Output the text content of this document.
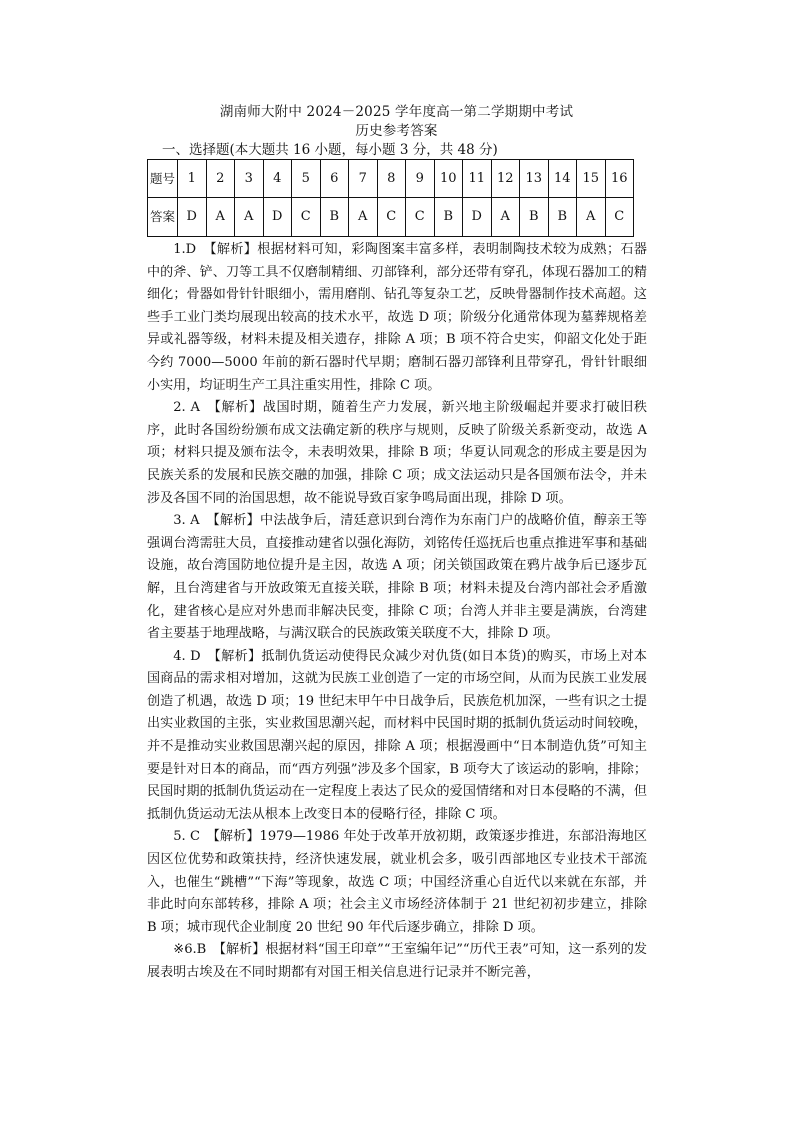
湖南师大附中 2024－2025 学年度高一第二学期期中考试
历史参考答案
一、选择题(本大题共 16 小题，每小题 3 分，共 48 分)
题号	1	2	3	4	5	6	7	8	9	10	11	12	13	14	15	16
答案	D	A	A	D	C	B	A	C	C	B	D	A	B	B	A	C

1.D　【解析】根据材料可知，彩陶图案丰富多样，表明制陶技术较为成熟；石器中的斧、铲、刀等工具不仅磨制精细、刃部锋利，部分还带有穿孔，体现石器加工的精细化；骨器如骨针针眼细小，需用磨削、钻孔等复杂工艺，反映骨器制作技术高超。这些手工业门类均展现出较高的技术水平，故选 D 项；阶级分化通常体现为墓葬规格差异或礼器等级，材料未提及相关遗存，排除 A 项；B 项不符合史实，仰韶文化处于距今约 7000—5000 年前的新石器时代早期；磨制石器刃部锋利且带穿孔，骨针针眼细小实用，均证明生产工具注重实用性，排除 C 项。

2. A　【解析】战国时期，随着生产力发展，新兴地主阶级崛起并要求打破旧秩序，此时各国纷纷颁布成文法确定新的秩序与规则，反映了阶级关系新变动，故选 A 项；材料只提及颁布法令，未表明效果，排除 B 项；华夏认同观念的形成主要是因为民族关系的发展和民族交融的加强，排除 C 项；成文法运动只是各国颁布法令，并未涉及各国不同的治国思想，故不能说导致百家争鸣局面出现，排除 D 项。

3. A　【解析】中法战争后，清廷意识到台湾作为东南门户的战略价值，醇亲王等强调台湾需驻大员，直接推动建省以强化海防，刘铭传任巡抚后也重点推进军事和基础设施，故台湾国防地位提升是主因，故选 A 项；闭关锁国政策在鸦片战争后已逐步瓦解，且台湾建省与开放政策无直接关联，排除 B 项；材料未提及台湾内部社会矛盾激化，建省核心是应对外患而非解决民变，排除 C 项；台湾人并非主要是满族，台湾建省主要基于地理战略，与满汉联合的民族政策关联度不大，排除 D 项。

4. D　【解析】抵制仇货运动使得民众减少对仇货(如日本货)的购买，市场上对本国商品的需求相对增加，这就为民族工业创造了一定的市场空间，从而为民族工业发展创造了机遇，故选 D 项；19 世纪末甲午中日战争后，民族危机加深，一些有识之士提出实业救国的主张，实业救国思潮兴起，而材料中民国时期的抵制仇货运动时间较晚，并不是推动实业救国思潮兴起的原因，排除 A 项；根据漫画中“日本制造仇货”可知主要是针对日本的商品，而“西方列强”涉及多个国家，B 项夸大了该运动的影响，排除；民国时期的抵制仇货运动在一定程度上表达了民众的爱国情绪和对日本侵略的不满，但抵制仇货运动无法从根本上改变日本的侵略行径，排除 C 项。

5. C　【解析】1979—1986 年处于改革开放初期，政策逐步推进，东部沿海地区因区位优势和政策扶持，经济快速发展，就业机会多，吸引西部地区专业技术干部流入，也催生“跳槽”“下海”等现象，故选 C 项；中国经济重心自近代以来就在东部，并非此时向东部转移，排除 A 项；社会主义市场经济体制于 21 世纪初初步建立，排除 B 项；城市现代企业制度 20 世纪 90 年代后逐步确立，排除 D 项。

※6.B　【解析】根据材料“国王印章”“王室编年记”“历代王表”可知，这一系列的发展表明古埃及在不同时期都有对国王相关信息进行记录并不断完善，
